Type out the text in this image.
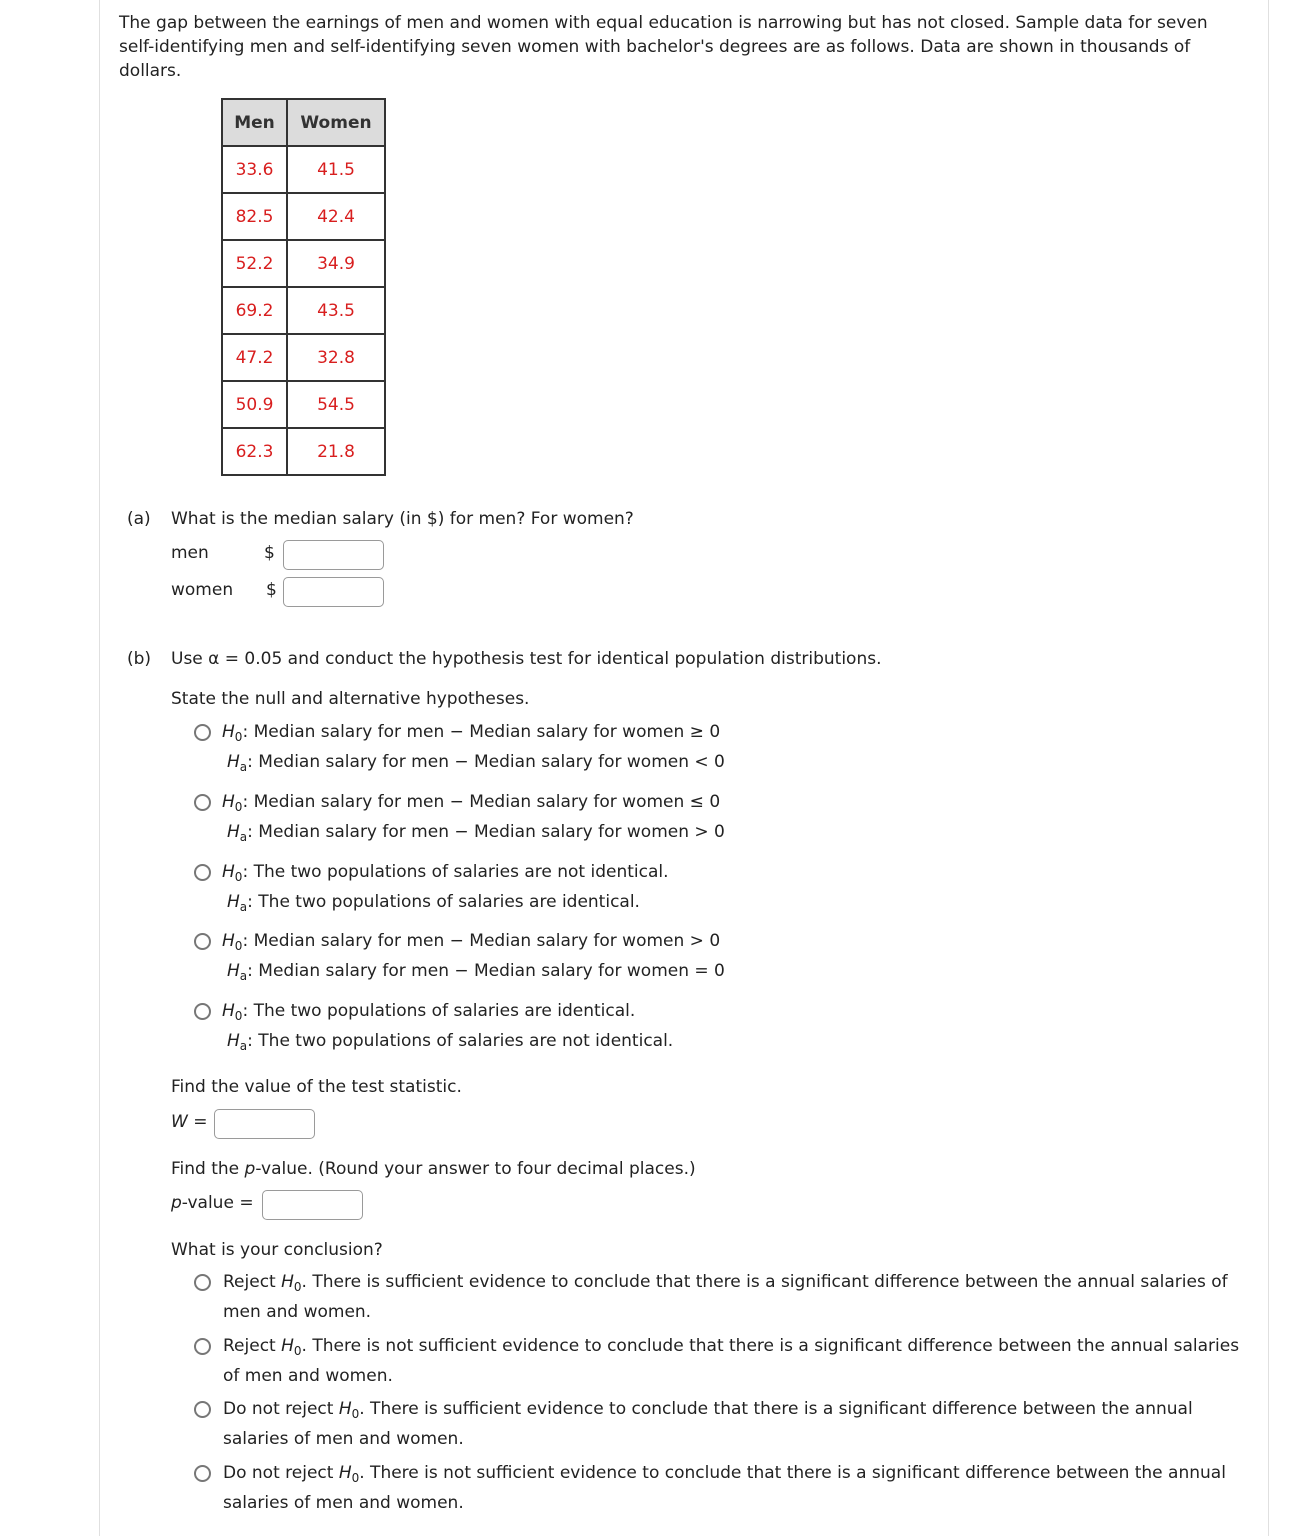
The gap between the earnings of men and women with equal education is narrowing but has not closed. Sample data for seven self-identifying men and self-identifying seven women with bachelor's degrees are as follows. Data are shown in thousands of dollars.
Men	Women
33.6	41.5
82.5	42.4
52.2	34.9
69.2	43.5
47.2	32.8
50.9	54.5
62.3	21.8
(a) What is the median salary (in $) for men? For women?
men	$
women $
(b) Use α = 0.05 and conduct the hypothesis test for identical population distributions.
State the null and alternative hypotheses.
$H_0$: Median salary for men − Median salary for women ≥ 0
$H_a$: Median salary for men − Median salary for women < 0
$H_0$: Median salary for men − Median salary for women ≤ 0
$H_a$: Median salary for men − Median salary for women > 0
$H_0$: The two populations of salaries are not identical.
$H_a$: The two populations of salaries are identical.
$H_0$: Median salary for men − Median salary for women > 0
$H_a$: Median salary for men − Median salary for women = 0
$H_0$: The two populations of salaries are identical.
$H_a$: The two populations of salaries are not identical.
Find the value of the test statistic.
W =
Find the p-value. (Round your answer to four decimal places.)
p-value =
What is your conclusion?
Reject $H_0$. There is sufficient evidence to conclude that there is a significant difference between the annual salaries of men and women.
Reject $H_0$. There is not sufficient evidence to conclude that there is a significant difference between the annual salaries of men and women.
Do not reject $H_0$. There is sufficient evidence to conclude that there is a significant difference between the annual salaries of men and women.
Do not reject $H_0$. There is not sufficient evidence to conclude that there is a significant difference between the annual salaries of men and women.
